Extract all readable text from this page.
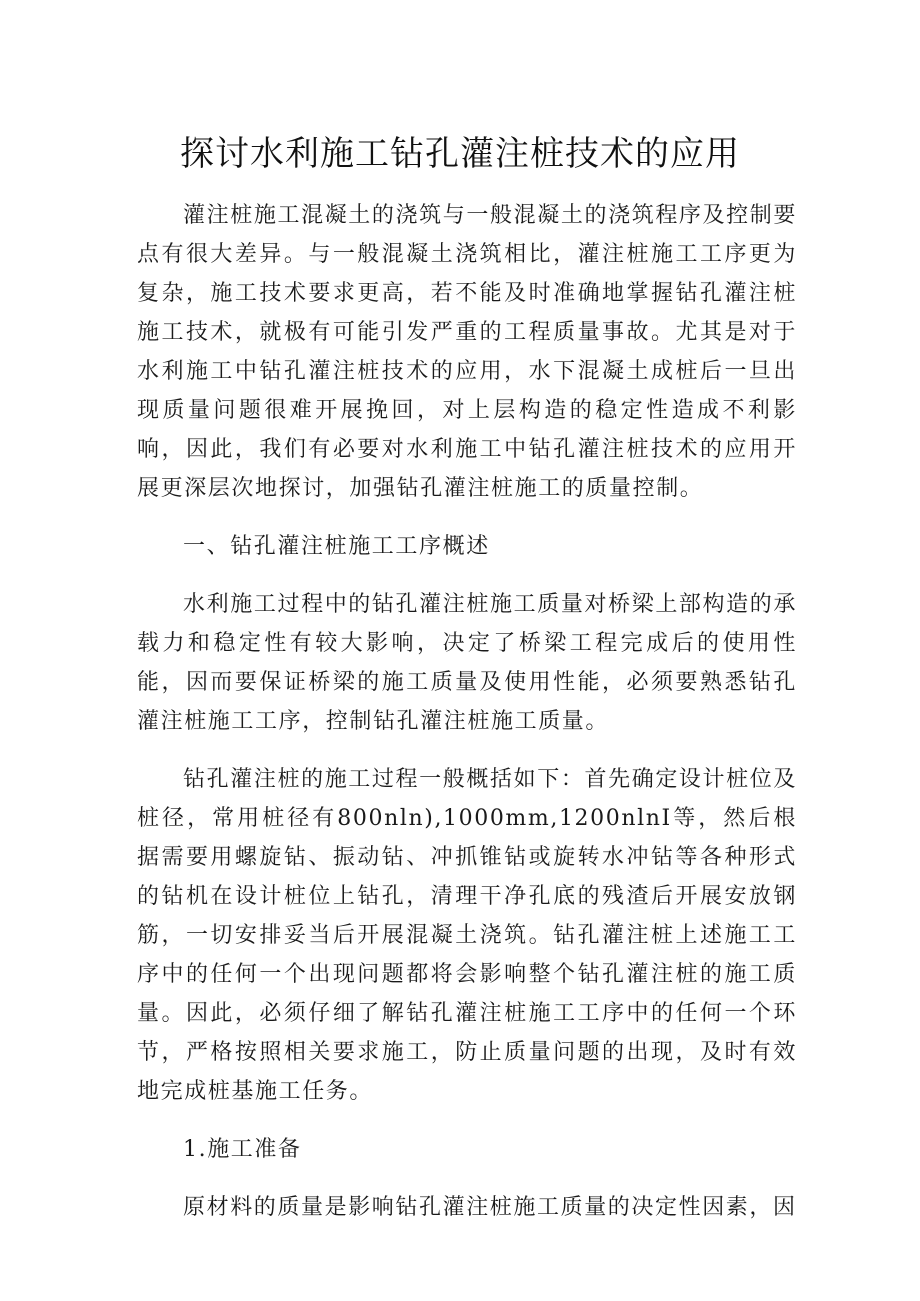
探讨水利施工钻孔灌注桩技术的应用

灌注桩施工混凝土的浇筑与一般混凝土的浇筑程序及控制要点有很大差异。与一般混凝土浇筑相比，灌注桩施工工序更为复杂，施工技术要求更高，若不能及时准确地掌握钻孔灌注桩施工技术，就极有可能引发严重的工程质量事故。尤其是对于水利施工中钻孔灌注桩技术的应用，水下混凝土成桩后一旦出现质量问题很难开展挽回，对上层构造的稳定性造成不利影响，因此，我们有必要对水利施工中钻孔灌注桩技术的应用开展更深层次地探讨，加强钻孔灌注桩施工的质量控制。

一、钻孔灌注桩施工工序概述

水利施工过程中的钻孔灌注桩施工质量对桥梁上部构造的承载力和稳定性有较大影响，决定了桥梁工程完成后的使用性能，因而要保证桥梁的施工质量及使用性能，必须要熟悉钻孔灌注桩施工工序，控制钻孔灌注桩施工质量。

钻孔灌注桩的施工过程一般概括如下：首先确定设计桩位及桩径，常用桩径有800nln),1000mm,1200nlnI等，然后根据需要用螺旋钻、振动钻、冲抓锥钻或旋转水冲钻等各种形式的钻机在设计桩位上钻孔，清理干净孔底的残渣后开展安放钢筋，一切安排妥当后开展混凝土浇筑。钻孔灌注桩上述施工工序中的任何一个出现问题都将会影响整个钻孔灌注桩的施工质量。因此，必须仔细了解钻孔灌注桩施工工序中的任何一个环节，严格按照相关要求施工，防止质量问题的出现，及时有效地完成桩基施工任务。

1.施工准备

原材料的质量是影响钻孔灌注桩施工质量的决定性因素，因
